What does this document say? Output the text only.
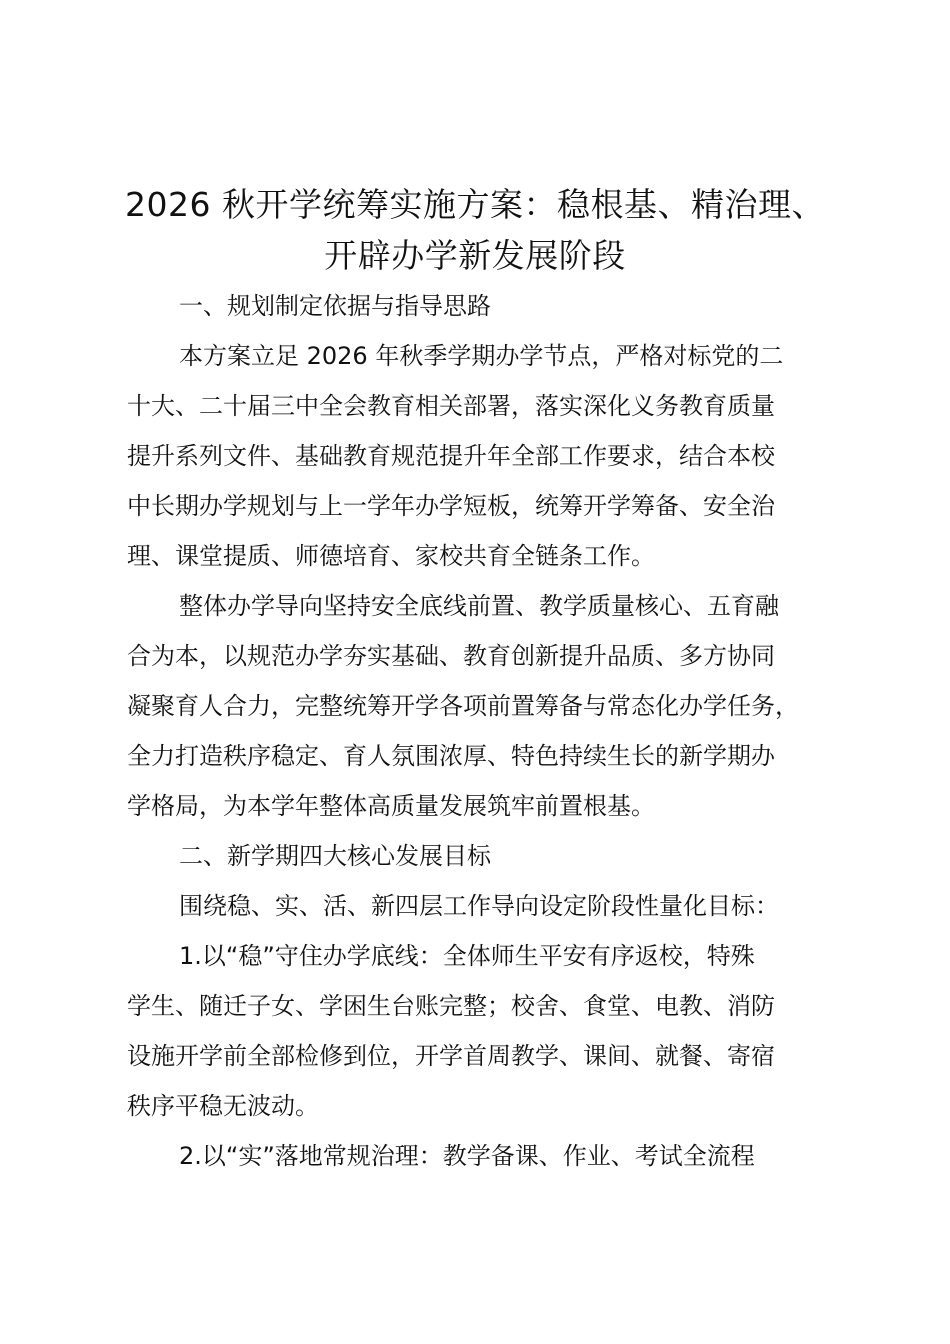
2026 秋开学统筹实施方案：稳根基、精治理、
开辟办学新发展阶段
一、规划制定依据与指导思路
本方案立足 2026 年秋季学期办学节点，严格对标党的二
十大、二十届三中全会教育相关部署，落实深化义务教育质量
提升系列文件、基础教育规范提升年全部工作要求，结合本校
中长期办学规划与上一学年办学短板，统筹开学筹备、安全治
理、课堂提质、师德培育、家校共育全链条工作。
整体办学导向坚持安全底线前置、教学质量核心、五育融
合为本，以规范办学夯实基础、教育创新提升品质、多方协同
凝聚育人合力，完整统筹开学各项前置筹备与常态化办学任务，
全力打造秩序稳定、育人氛围浓厚、特色持续生长的新学期办
学格局，为本学年整体高质量发展筑牢前置根基。
二、新学期四大核心发展目标
围绕稳、实、活、新四层工作导向设定阶段性量化目标：
1.以“稳”守住办学底线：全体师生平安有序返校，特殊
学生、随迁子女、学困生台账完整；校舍、食堂、电教、消防
设施开学前全部检修到位，开学首周教学、课间、就餐、寄宿
秩序平稳无波动。
2.以“实”落地常规治理：教学备课、作业、考试全流程
